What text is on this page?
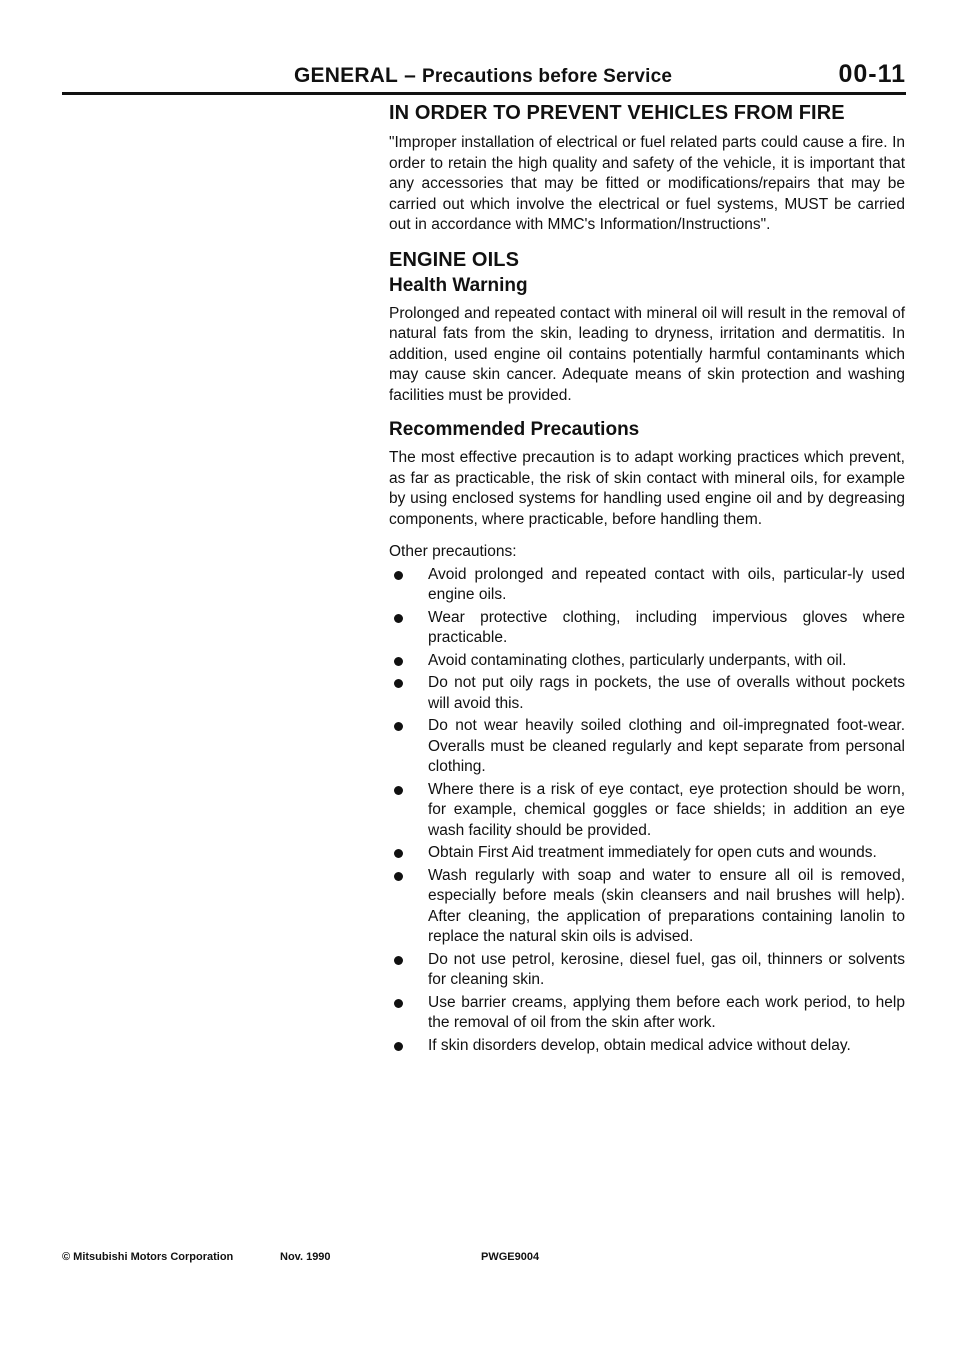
GENERAL – Precautions before Service	00-11
IN ORDER TO PREVENT VEHICLES FROM FIRE

"Improper installation of electrical or fuel related parts could cause a fire. In order to retain the high quality and safety of the vehicle, it is important that any accessories that may be fitted or modifications/repairs that may be carried out which involve the electrical or fuel systems, MUST be carried out in accordance with MMC's Information/Instructions".

ENGINE OILS
Health Warning

Prolonged and repeated contact with mineral oil will result in the removal of natural fats from the skin, leading to dryness, irritation and dermatitis. In addition, used engine oil contains potentially harmful contaminants which may cause skin cancer. Adequate means of skin protection and washing facilities must be provided.

Recommended Precautions

The most effective precaution is to adapt working practices which prevent, as far as practicable, the risk of skin contact with mineral oils, for example by using enclosed systems for handling used engine oil and by degreasing components, where practicable, before handling them.

Other precautions:

Avoid prolonged and repeated contact with oils, particular-ly used engine oils.
Wear protective clothing, including impervious gloves where practicable.
Avoid contaminating clothes, particularly underpants, with oil.
Do not put oily rags in pockets, the use of overalls without pockets will avoid this.
Do not wear heavily soiled clothing and oil-impregnated foot-wear. Overalls must be cleaned regularly and kept separate from personal clothing.
Where there is a risk of eye contact, eye protection should be worn, for example, chemical goggles or face shields; in addition an eye wash facility should be provided.
Obtain First Aid treatment immediately for open cuts and wounds.
Wash regularly with soap and water to ensure all oil is removed, especially before meals (skin cleansers and nail brushes will help). After cleaning, the application of preparations containing lanolin to replace the natural skin oils is advised.
Do not use petrol, kerosine, diesel fuel, gas oil, thinners or solvents for cleaning skin.
Use barrier creams, applying them before each work period, to help the removal of oil from the skin after work.
If skin disorders develop, obtain medical advice without delay.
© Mitsubishi Motors Corporation	Nov. 1990	PWGE9004
